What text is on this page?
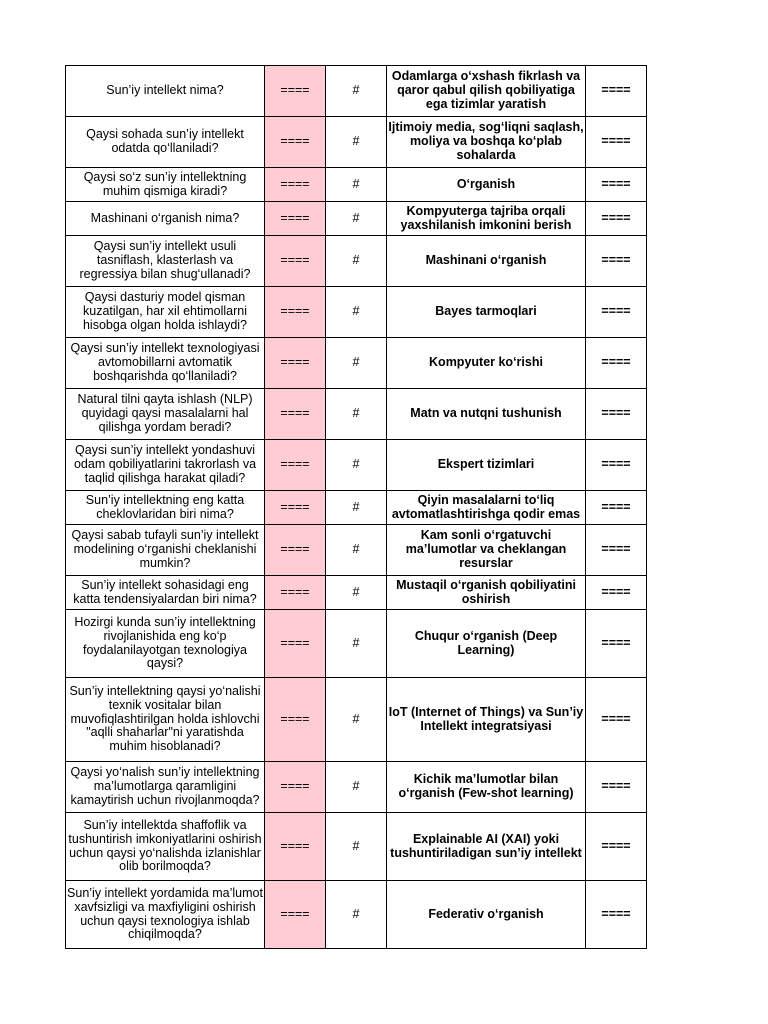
Sun’iy intellekt nima?	====	#	Odamlarga o‘xshash fikrlash va qaror qabul qilish qobiliyatiga ega tizimlar yaratish	====
Qaysi sohada sun’iy intellekt odatda qo‘llaniladi?	====	#	Ijtimoiy media, sog‘liqni saqlash, moliya va boshqa ko‘plab sohalarda	====
Qaysi so‘z sun’iy intellektning muhim qismiga kiradi?	====	#	O‘rganish	====
Mashinani o‘rganish nima?	====	#	Kompyuterga tajriba orqali yaxshilanish imkonini berish	====
Qaysi sun’iy intellekt usuli tasniflash, klasterlash va regressiya bilan shug‘ullanadi?	====	#	Mashinani o‘rganish	====
Qaysi dasturiy model qisman kuzatilgan, har xil ehtimollarni hisobga olgan holda ishlaydi?	====	#	Bayes tarmoqlari	====
Qaysi sun’iy intellekt texnologiyasi avtomobillarni avtomatik boshqarishda qo‘llaniladi?	====	#	Kompyuter ko‘rishi	====
Natural tilni qayta ishlash (NLP) quyidagi qaysi masalalarni hal qilishga yordam beradi?	====	#	Matn va nutqni tushunish	====
Qaysi sun’iy intellekt yondashuvi odam qobiliyatlarini takrorlash va taqlid qilishga harakat qiladi?	====	#	Ekspert tizimlari	====
Sun’iy intellektning eng katta cheklovlaridan biri nima?	====	#	Qiyin masalalarni to‘liq avtomatlashtirishga qodir emas	====
Qaysi sabab tufayli sun’iy intellekt modelining o‘rganishi cheklanishi mumkin?	====	#	Kam sonli o‘rgatuvchi ma’lumotlar va cheklangan resurslar	====
Sun’iy intellekt sohasidagi eng katta tendensiyalardan biri nima?	====	#	Mustaqil o‘rganish qobiliyatini oshirish	====
Hozirgi kunda sun’iy intellektning rivojlanishida eng ko‘p foydalanilayotgan texnologiya qaysi?	====	#	Chuqur o‘rganish (Deep Learning)	====
Sun’iy intellektning qaysi yo‘nalishi texnik vositalar bilan muvofiqlashtirilgan holda ishlovchi "aqlli shaharlar"ni yaratishda muhim hisoblanadi?	====	#	IoT (Internet of Things) va Sun’iy Intellekt integratsiyasi	====
Qaysi yo‘nalish sun’iy intellektning ma’lumotlarga qaramligini kamaytirish uchun rivojlanmoqda?	====	#	Kichik ma’lumotlar bilan o‘rganish (Few-shot learning)	====
Sun’iy intellektda shaffoflik va tushuntirish imkoniyatlarini oshirish uchun qaysi yo‘nalishda izlanishlar olib borilmoqda?	====	#	Explainable AI (XAI) yoki tushuntiriladigan sun’iy intellekt	====
Sun’iy intellekt yordamida ma’lumot xavfsizligi va maxfiyligini oshirish uchun qaysi texnologiya ishlab chiqilmoqda?	====	#	Federativ o‘rganish	====
